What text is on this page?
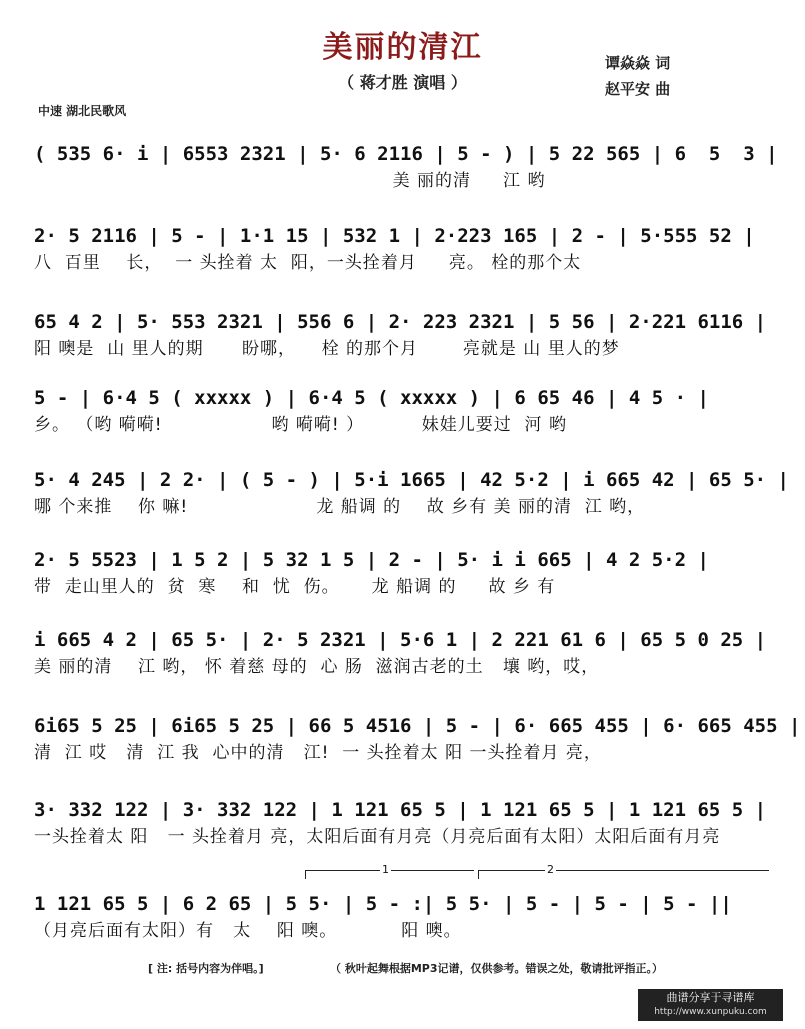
美丽的清江
（ 蒋才胜 演唱 ）
谭焱焱 词
赵平安 曲
中速 湖北民歌风
( 535 6· i | 6553 2321 | 5· 6 2116 | 5 - ) | 5 22 565 | 6  5  3 |
美 丽的清     江 哟
2· 5 2116 | 5 - | 1·1 15 | 532 1 | 2·223 165 | 2 - | 5·555 52 |
八  百里    长，  一 头拴着 太  阳，一头拴着月     亮。 栓的那个太
65 4 2 | 5· 553 2321 | 556 6 | 2· 223 2321 | 5 56 | 2·221 6116 |
阳 噢是  山 里人的期      盼哪，    栓 的那个月       亮就是 山 里人的梦
5 - | 6·4 5 ( xxxxx ) | 6·4 5 ( xxxxx ) | 6 65 46 | 4 5 · |
乡。 （哟 嗬嗬!                 哟 嗬嗬! ）         妹娃儿要过  河 哟
5· 4 245 | 2 2· | ( 5 - ) | 5·i 1665 | 42 5·2 | i 665 42 | 65 5· |
哪 个来推    你 嘛!                    龙 船调 的    故 乡有 美 丽的清  江 哟，
2· 5 5523 | 1 5 2 | 5 32 1 5 | 2 - | 5· i i 665 | 4 2 5·2 |
带  走山里人的  贫  寒    和  忧  伤。     龙 船调 的     故 乡 有
i 665 4 2 | 65 5· | 2· 5 2321 | 5·6 1 | 2 221 61 6 | 65 5 0 25 |
美 丽的清    江 哟， 怀 着慈 母的  心 肠  滋润古老的土   壤 哟，哎，
6i65 5 25 | 6i65 5 25 | 66 5 4516 | 5 - | 6· 665 455 | 6· 665 455 |
清  江 哎   清  江 我  心中的清   江!  一 头拴着太 阳 一头拴着月 亮，
3· 332 122 | 3· 332 122 | 1 121 65 5 | 1 121 65 5 | 1 121 65 5 |
一头拴着太 阳   一 头拴着月 亮，太阳后面有月亮（月亮后面有太阳）太阳后面有月亮
1	2
1 121 65 5 | 6 2 65 | 5 5· | 5 - :| 5 5· | 5 - | 5 - | 5 - ||
（月亮后面有太阳）有   太    阳 噢。          阳 噢。
[ 注: 括号内容为伴唱。]	（ 秋叶起舞根据MP3记谱，仅供参考。错误之处，敬请批评指正。）
曲谱分享于寻谱库
http://www.xunpuku.com
